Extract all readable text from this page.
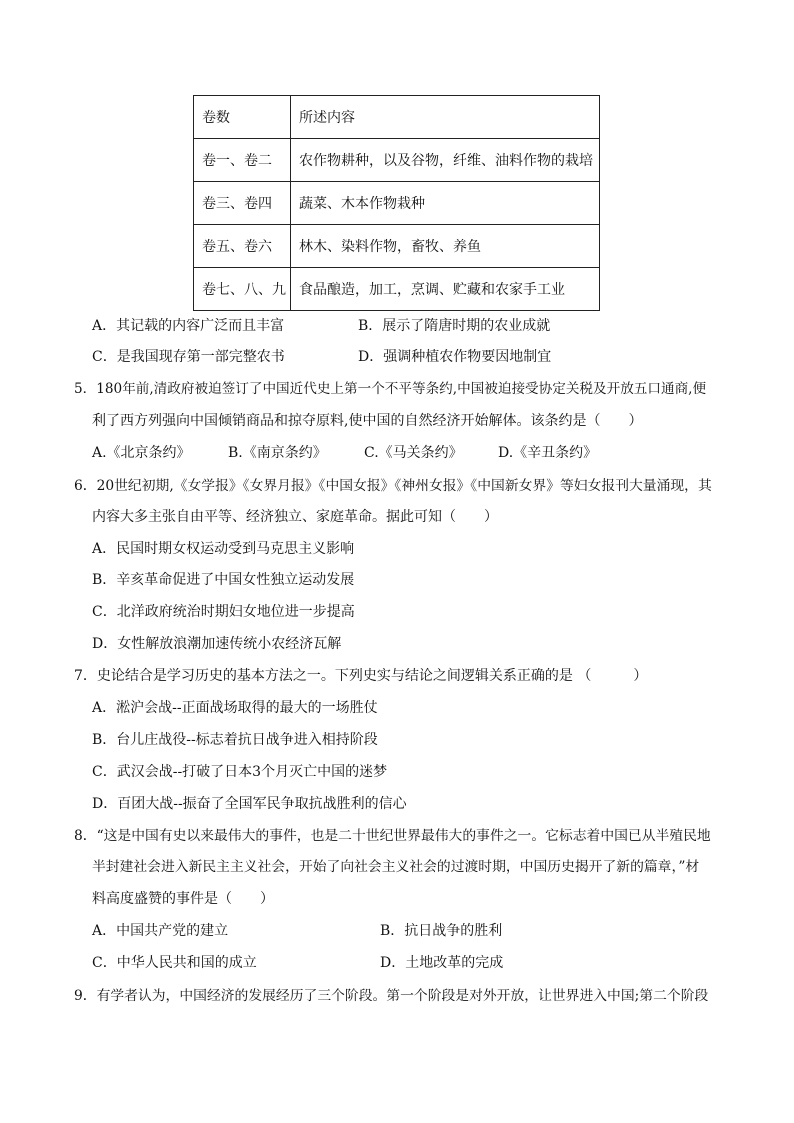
卷数	所述内容
卷一、卷二	农作物耕种，以及谷物，纤维、油料作物的栽培
卷三、卷四	蔬菜、木本作物栽种
卷五、卷六	林木、染料作物，畜牧、养鱼
卷七、八、九	食品酿造，加工，烹调、贮藏和农家手工业
A．其记载的内容广泛而且丰富	B．展示了隋唐时期的农业成就
C．是我国现存第一部完整农书	D．强调种植农作物要因地制宜
5．180年前,清政府被迫签订了中国近代史上第一个不平等条约,中国被迫接受协定关税及开放五口通商,便
利了西方列强向中国倾销商品和掠夺原料,使中国的自然经济开始解体。该条约是（　　）
A.《北京条约》	B.《南京条约》	C.《马关条约》	D.《辛丑条约》
6．20世纪初期,《女学报》《女界月报》《中国女报》《神州女报》《中国新女界》等妇女报刊大量涌现，其
内容大多主张自由平等、经济独立、家庭革命。据此可知（　　）
A．民国时期女权运动受到马克思主义影响
B．辛亥革命促进了中国女性独立运动发展
C．北洋政府统治时期妇女地位进一步提高
D．女性解放浪潮加速传统小农经济瓦解
7．史论结合是学习历史的基本方法之一。下列史实与结论之间逻辑关系正确的是 （　　　）
A．淞沪会战--正面战场取得的最大的一场胜仗
B．台儿庄战役--标志着抗日战争进入相持阶段
C．武汉会战--打破了日本3个月灭亡中国的迷梦
D．百团大战--振奋了全国军民争取抗战胜利的信心
8．“这是中国有史以来最伟大的事件，也是二十世纪世界最伟大的事件之一。它标志着中国已从半殖民地
半封建社会进入新民主主义社会，开始了向社会主义社会的过渡时期，中国历史揭开了新的篇章，”材
料高度盛赞的事件是（　　）
A．中国共产党的建立	B．抗日战争的胜利
C．中华人民共和国的成立	D．土地改革的完成
9．有学者认为，中国经济的发展经历了三个阶段。第一个阶段是对外开放，让世界进入中国;第二个阶段
